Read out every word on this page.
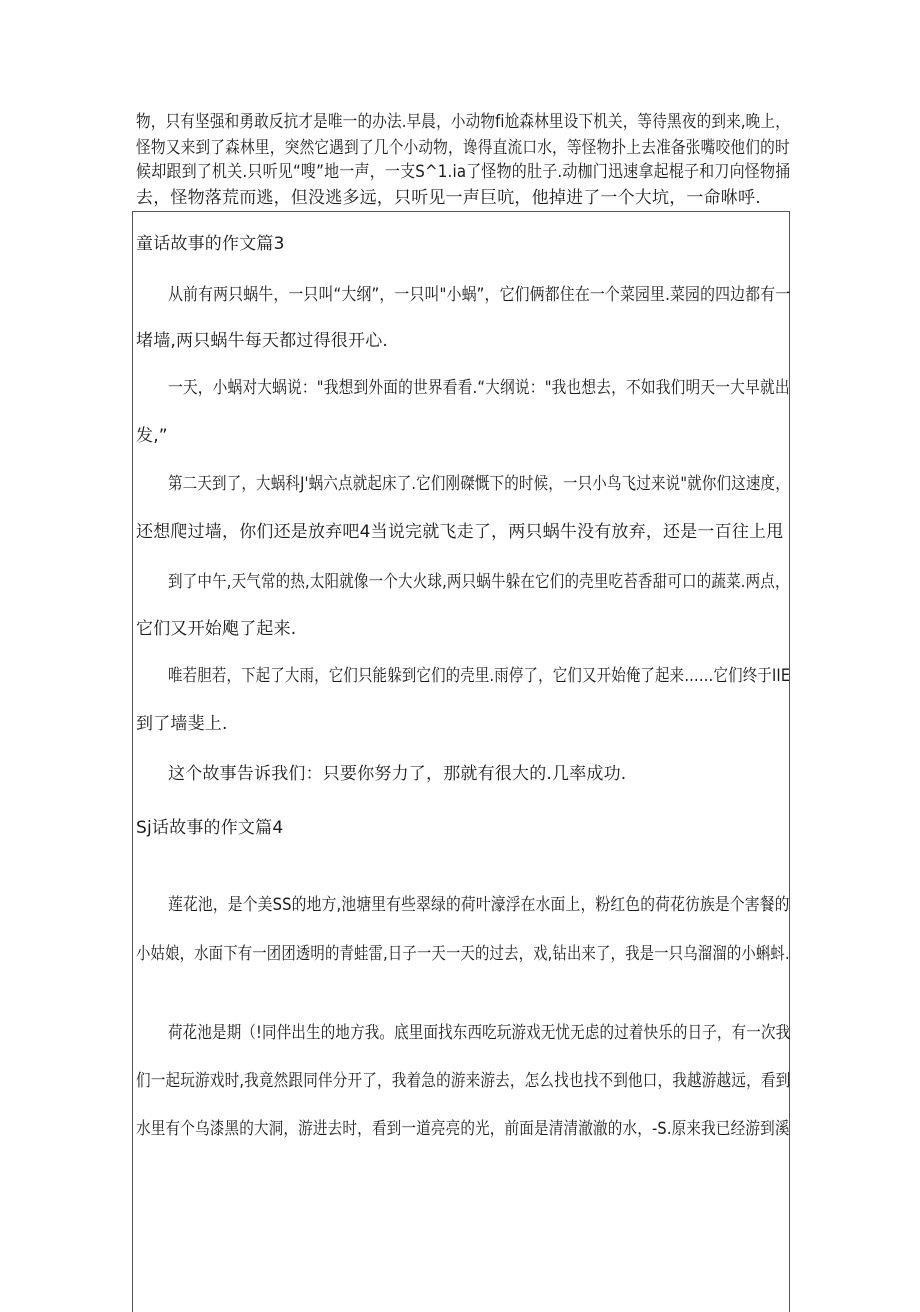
物，只有坚强和勇敢反抗才是唯一的办法.早晨，小动物fi尬森林里设下机关，等待黑夜的到来,晚上，
怪物又来到了森林里，突然它遇到了几个小动物，谗得直流口水，等怪物扑上去准备张嘴咬他们的时
候却跟到了机关.只听见“嗖”地一声，一支S^1.ia了怪物的肚子.动枷门迅速拿起棍子和刀向怪物捅
去，怪物落荒而逃，但没逃多远，只听见一声巨吭，他掉进了一个大坑，一命咻呼.
童话故事的作文篇3
从前有两只蜗牛，一只叫“大纲”，一只叫"小蜗”，它们俩都住在一个菜园里.菜园的四边都有一
堵墙,两只蜗牛每天都过得很开心.
一天，小蜗对大蜗说："我想到外面的世界看看.“大纲说："我也想去，不如我们明天一大早就出
发,”
第二天到了，大蜗科J'蜗六点就起床了.它们刚磔慨下的时候，一只小鸟飞过来说"就你们这速度，
还想爬过墙，你们还是放弃吧4当说完就飞走了，两只蜗牛没有放弃，还是一百往上甩
到了中午,天气常的热,太阳就像一个大火球,两只蜗牛躲在它们的壳里吃苔香甜可口的蔬菜.两点，
它们又开始飑了起来.
唯若胆若，下起了大雨，它们只能躲到它们的壳里.雨停了，它们又开始俺了起来……它们终于IIE
到了墙斐上.
这个故事告诉我们：只要你努力了，那就有很大的.几率成功.
Sj话故事的作文篇4
莲花池，是个美SS的地方,池塘里有些翠绿的荷叶濠浮在水面上，粉红色的荷花彷族是个害餐的
小姑娘，水面下有一团团透明的青蛙雷,日子一天一天的过去，戏,钻出来了，我是一只乌溜溜的小蝌蚪.
荷花池是期（!同伴出生的地方我。底里面找东西吃玩游戏无忧无虑的过着快乐的日子，有一次我
们一起玩游戏时,我竟然跟同伴分开了，我着急的游来游去，怎么找也找不到他口，我越游越远，看到
水里有个乌漆黑的大洞，游进去时，看到一道亮亮的光，前面是清清澈澈的水，-S.原来我已经游到溪
